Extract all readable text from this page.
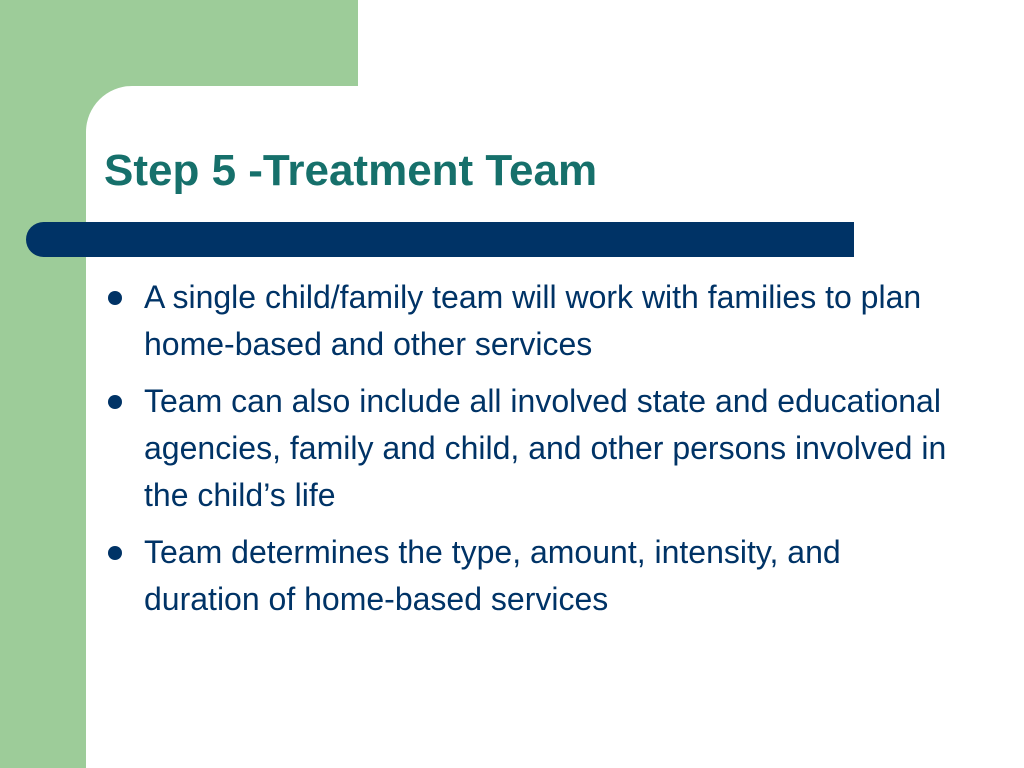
Step 5 -Treatment Team
A single child/family team will work with families to plan home-based and other services
Team can also include all involved state and educational agencies, family and child, and other persons involved in the child’s life
Team determines the type, amount, intensity, and duration of home-based services
